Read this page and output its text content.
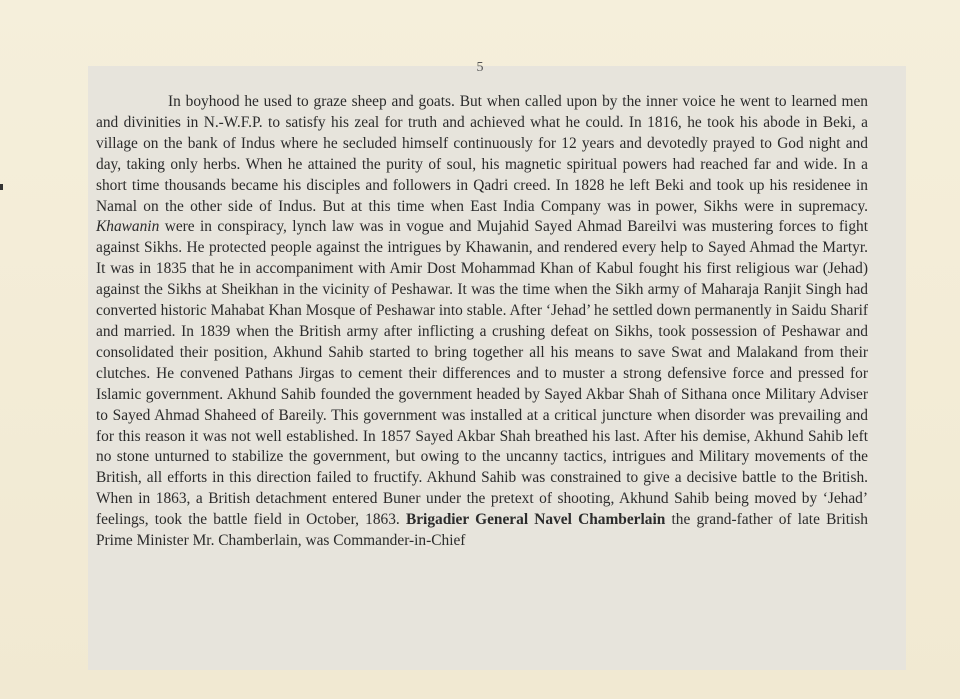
5

In boyhood he used to graze sheep and goats. But when called upon by the inner voice he went to learned men and divinities in N.-W.F.P. to satisfy his zeal for truth and achieved what he could. In 1816, he took his abode in Beki, a village on the bank of Indus where he secluded himself continuously for 12 years and devotedly prayed to God night and day, taking only herbs. When he attained the purity of soul, his magnetic spiritual powers had reached far and wide. In a short time thousands became his disciples and followers in Qadri creed. In 1828 he left Beki and took up his residenee in Namal on the other side of Indus. But at this time when East India Company was in power, Sikhs were in supremacy. Khawanin were in conspiracy, lynch law was in vogue and Mujahid Sayed Ahmad Bareilvi was mustering forces to fight against Sikhs. He protected people against the intrigues by Khawanin, and rendered every help to Sayed Ahmad the Martyr. It was in 1835 that he in accompaniment with Amir Dost Mohammad Khan of Kabul fought his first religious war (Jehad) against the Sikhs at Sheikhan in the vicinity of Peshawar. It was the time when the Sikh army of Maharaja Ranjit Singh had converted historic Mahabat Khan Mosque of Peshawar into stable. After ‘Jehad’ he settled down permanently in Saidu Sharif and married. In 1839 when the British army after inflicting a crushing defeat on Sikhs, took possession of Peshawar and consolidated their position, Akhund Sahib started to bring together all his means to save Swat and Malakand from their clutches. He convened Pathans Jirgas to cement their differences and to muster a strong defensive force and pressed for Islamic government. Akhund Sahib founded the government headed by Sayed Akbar Shah of Sithana once Military Adviser to Sayed Ahmad Shaheed of Bareily. This government was installed at a critical juncture when disorder was prevailing and for this reason it was not well established. In 1857 Sayed Akbar Shah breathed his last. After his demise, Akhund Sahib left no stone unturned to stabilize the government, but owing to the uncanny tactics, intrigues and Military movements of the British, all efforts in this direction failed to fructify. Akhund Sahib was constrained to give a decisive battle to the British. When in 1863, a British detachment entered Buner under the pretext of shooting, Akhund Sahib being moved by ‘Jehad’ feelings, took the battle field in October, 1863. Brigadier General Navel Chamberlain the grand-father of late British Prime Minister Mr. Chamberlain, was Commander-in-Chief
